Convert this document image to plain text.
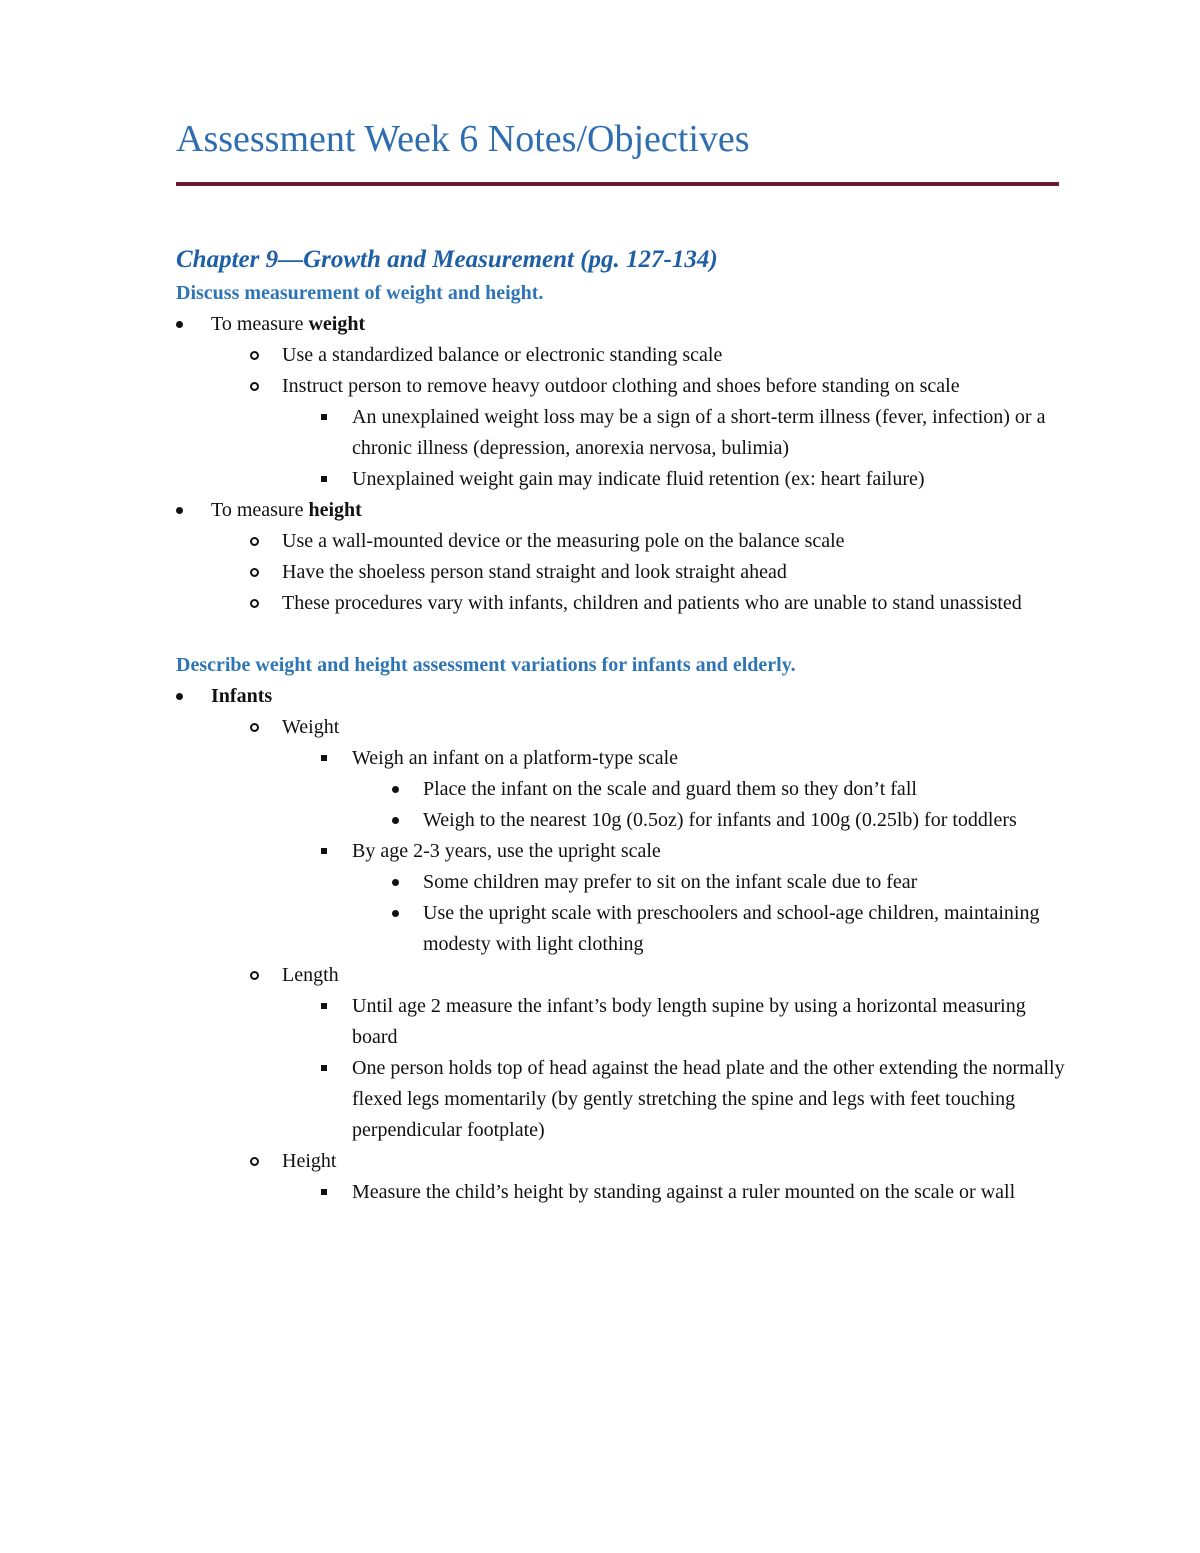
Assessment Week 6 Notes/Objectives
Chapter 9—Growth and Measurement (pg. 127-134)
Discuss measurement of weight and height.
To measure weight
Use a standardized balance or electronic standing scale
Instruct person to remove heavy outdoor clothing and shoes before standing on scale
An unexplained weight loss may be a sign of a short-term illness (fever, infection) or a chronic illness (depression, anorexia nervosa, bulimia)
Unexplained weight gain may indicate fluid retention (ex: heart failure)
To measure height
Use a wall-mounted device or the measuring pole on the balance scale
Have the shoeless person stand straight and look straight ahead
These procedures vary with infants, children and patients who are unable to stand unassisted
Describe weight and height assessment variations for infants and elderly.
Infants
Weight
Weigh an infant on a platform-type scale
Place the infant on the scale and guard them so they don’t fall
Weigh to the nearest 10g (0.5oz) for infants and 100g (0.25lb) for toddlers
By age 2-3 years, use the upright scale
Some children may prefer to sit on the infant scale due to fear
Use the upright scale with preschoolers and school-age children, maintaining modesty with light clothing
Length
Until age 2 measure the infant’s body length supine by using a horizontal measuring board
One person holds top of head against the head plate and the other extending the normally flexed legs momentarily (by gently stretching the spine and legs with feet touching perpendicular footplate)
Height
Measure the child’s height by standing against a ruler mounted on the scale or wall
